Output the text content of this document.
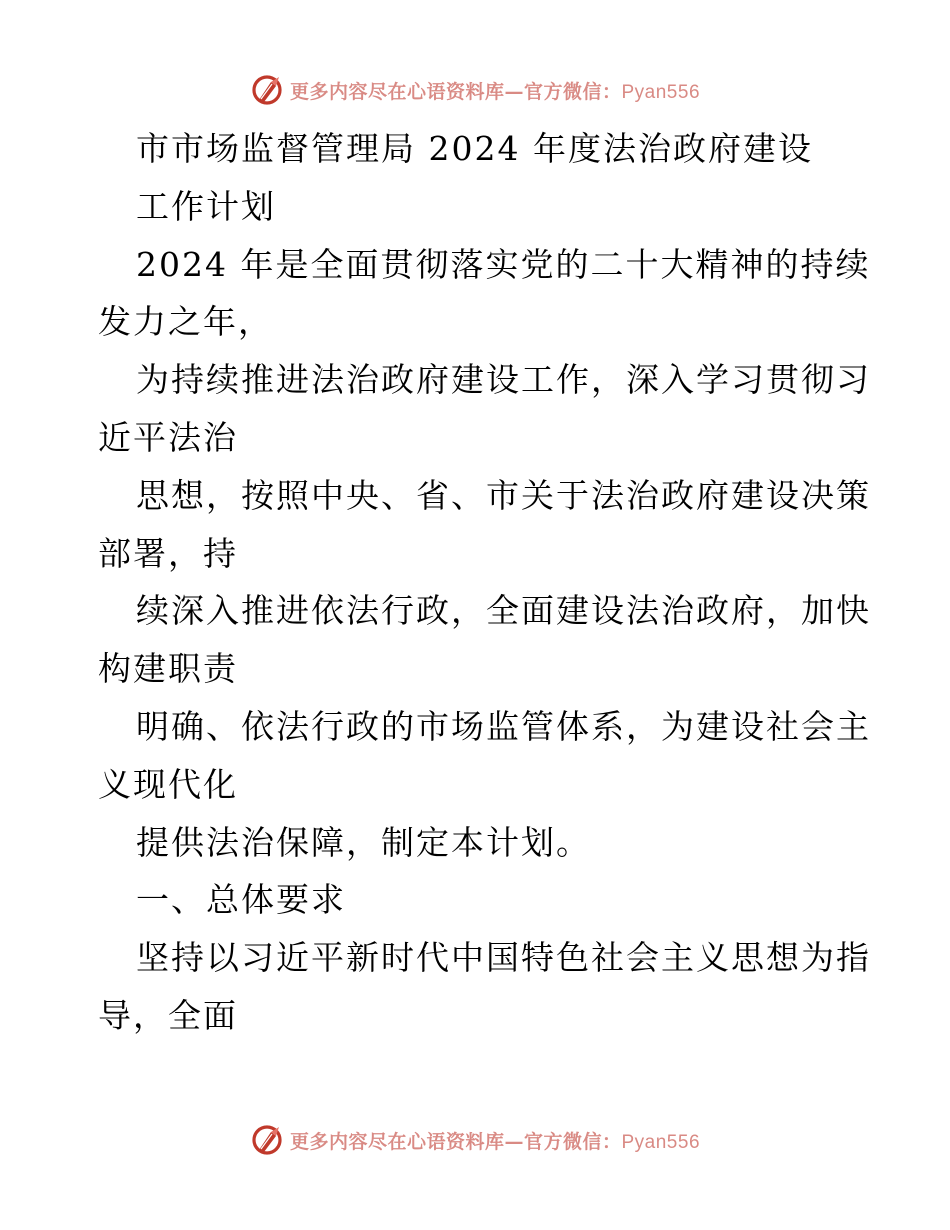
更多内容尽在心语资料库—官方微信：Pyan556
市市场监督管理局 2024 年度法治政府建设
工作计划
2024 年是全面贯彻落实党的二十大精神的持续
发力之年，
为持续推进法治政府建设工作，深入学习贯彻习
近平法治
思想，按照中央、省、市关于法治政府建设决策
部署，持
续深入推进依法行政，全面建设法治政府，加快
构建职责
明确、依法行政的市场监管体系，为建设社会主
义现代化
提供法治保障，制定本计划。
一、总体要求
坚持以习近平新时代中国特色社会主义思想为指
导，全面
更多内容尽在心语资料库—官方微信：Pyan556
